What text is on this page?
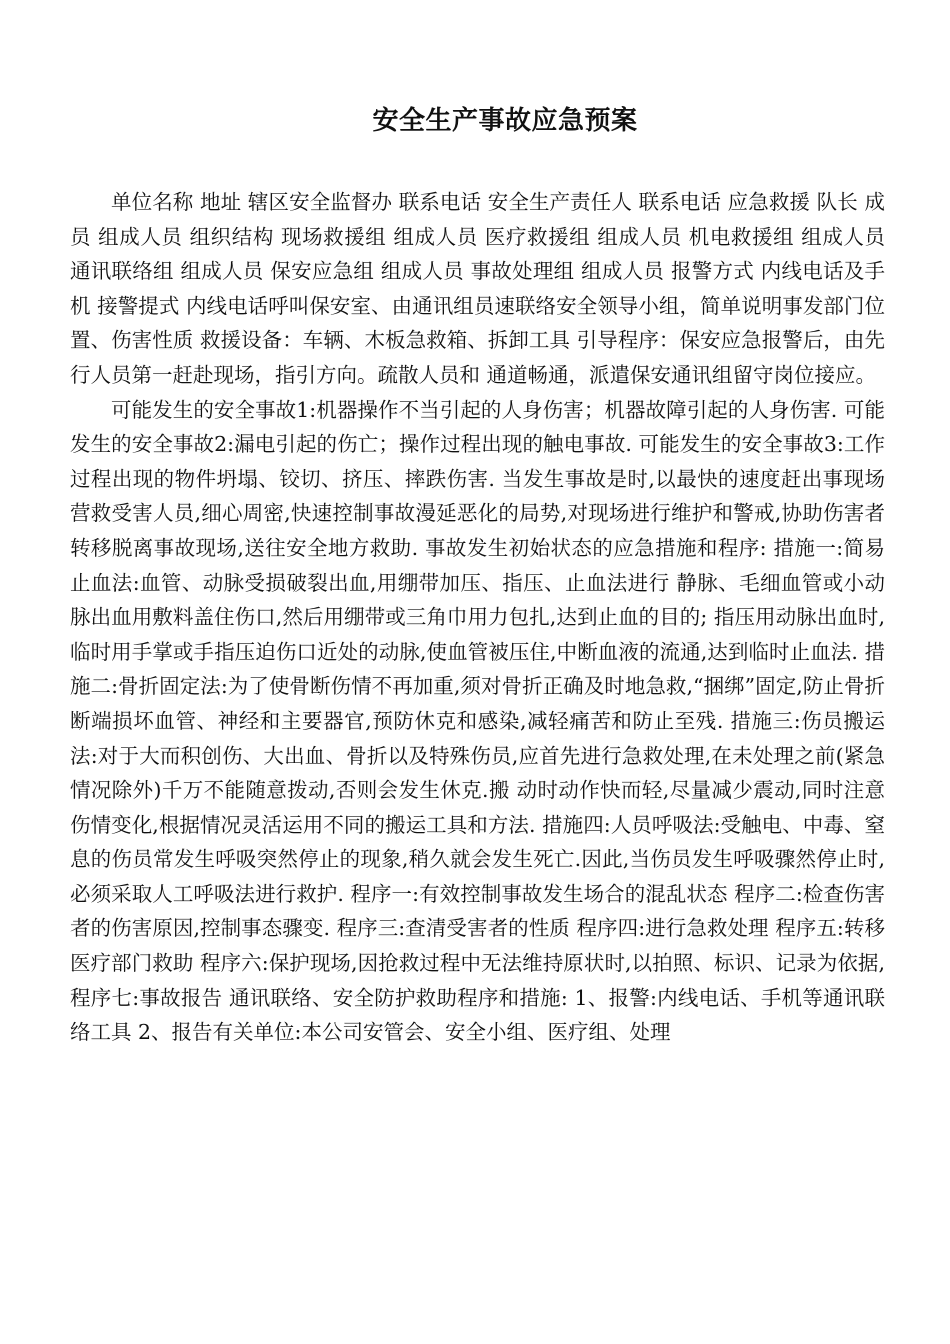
安全生产事故应急预案

单位名称 地址 辖区安全监督办 联系电话 安全生产责任人 联系电话 应急救援 队长 成员 组成人员 组织结构 现场救援组 组成人员 医疗救援组 组成人员 机电救援组 组成人员 通讯联络组 组成人员 保安应急组 组成人员 事故处理组 组成人员 报警方式 内线电话及手机 接警提式 内线电话呼叫保安室、由通讯组员速联络安全领导小组，简单说明事发部门位置、伤害性质 救援设备：车辆、木板急救箱、拆卸工具 引导程序：保安应急报警后，由先行人员第一赶赴现场，指引方向。疏散人员和 通道畅通，派遣保安通讯组留守岗位接应。

可能发生的安全事故1:机器操作不当引起的人身伤害；机器故障引起的人身伤害. 可能发生的安全事故2:漏电引起的伤亡；操作过程出现的触电事故. 可能发生的安全事故3:工作过程出现的物件坍塌、铰切、挤压、摔跌伤害. 当发生事故是时,以最快的速度赶出事现场营救受害人员,细心周密,快速控制事故漫延恶化的局势,对现场进行维护和警戒,协助伤害者转移脱离事故现场,送往安全地方救助. 事故发生初始状态的应急措施和程序: 措施一:简易止血法:血管、动脉受损破裂出血,用绷带加压、指压、止血法进行 静脉、毛细血管或小动脉出血用敷料盖住伤口,然后用绷带或三角巾用力包扎,达到止血的目的; 指压用动脉出血时,临时用手掌或手指压迫伤口近处的动脉,使血管被压住,中断血液的流通,达到临时止血法. 措施二:骨折固定法:为了使骨断伤情不再加重,须对骨折正确及时地急救,“捆绑”固定,防止骨折断端损坏血管、神经和主要器官,预防休克和感染,减轻痛苦和防止至残. 措施三:伤员搬运法:对于大而积创伤、大出血、骨折以及特殊伤员,应首先进行急救处理,在未处理之前(紧急情况除外)千万不能随意拨动,否则会发生休克.搬 动时动作快而轻,尽量减少震动,同时注意伤情变化,根据情况灵活运用不同的搬运工具和方法. 措施四:人员呼吸法:受触电、中毒、窒息的伤员常发生呼吸突然停止的现象,稍久就会发生死亡.因此,当伤员发生呼吸骤然停止时,必须采取人工呼吸法进行救护. 程序一:有效控制事故发生场合的混乱状态 程序二:检查伤害者的伤害原因,控制事态骤变. 程序三:查清受害者的性质 程序四:进行急救处理 程序五:转移医疗部门救助 程序六:保护现场,因抢救过程中无法维持原状时,以拍照、标识、记录为依据, 程序七:事故报告 通讯联络、安全防护救助程序和措施: 1、报警:内线电话、手机等通讯联络工具 2、报告有关单位:本公司安管会、安全小组、医疗组、处理
